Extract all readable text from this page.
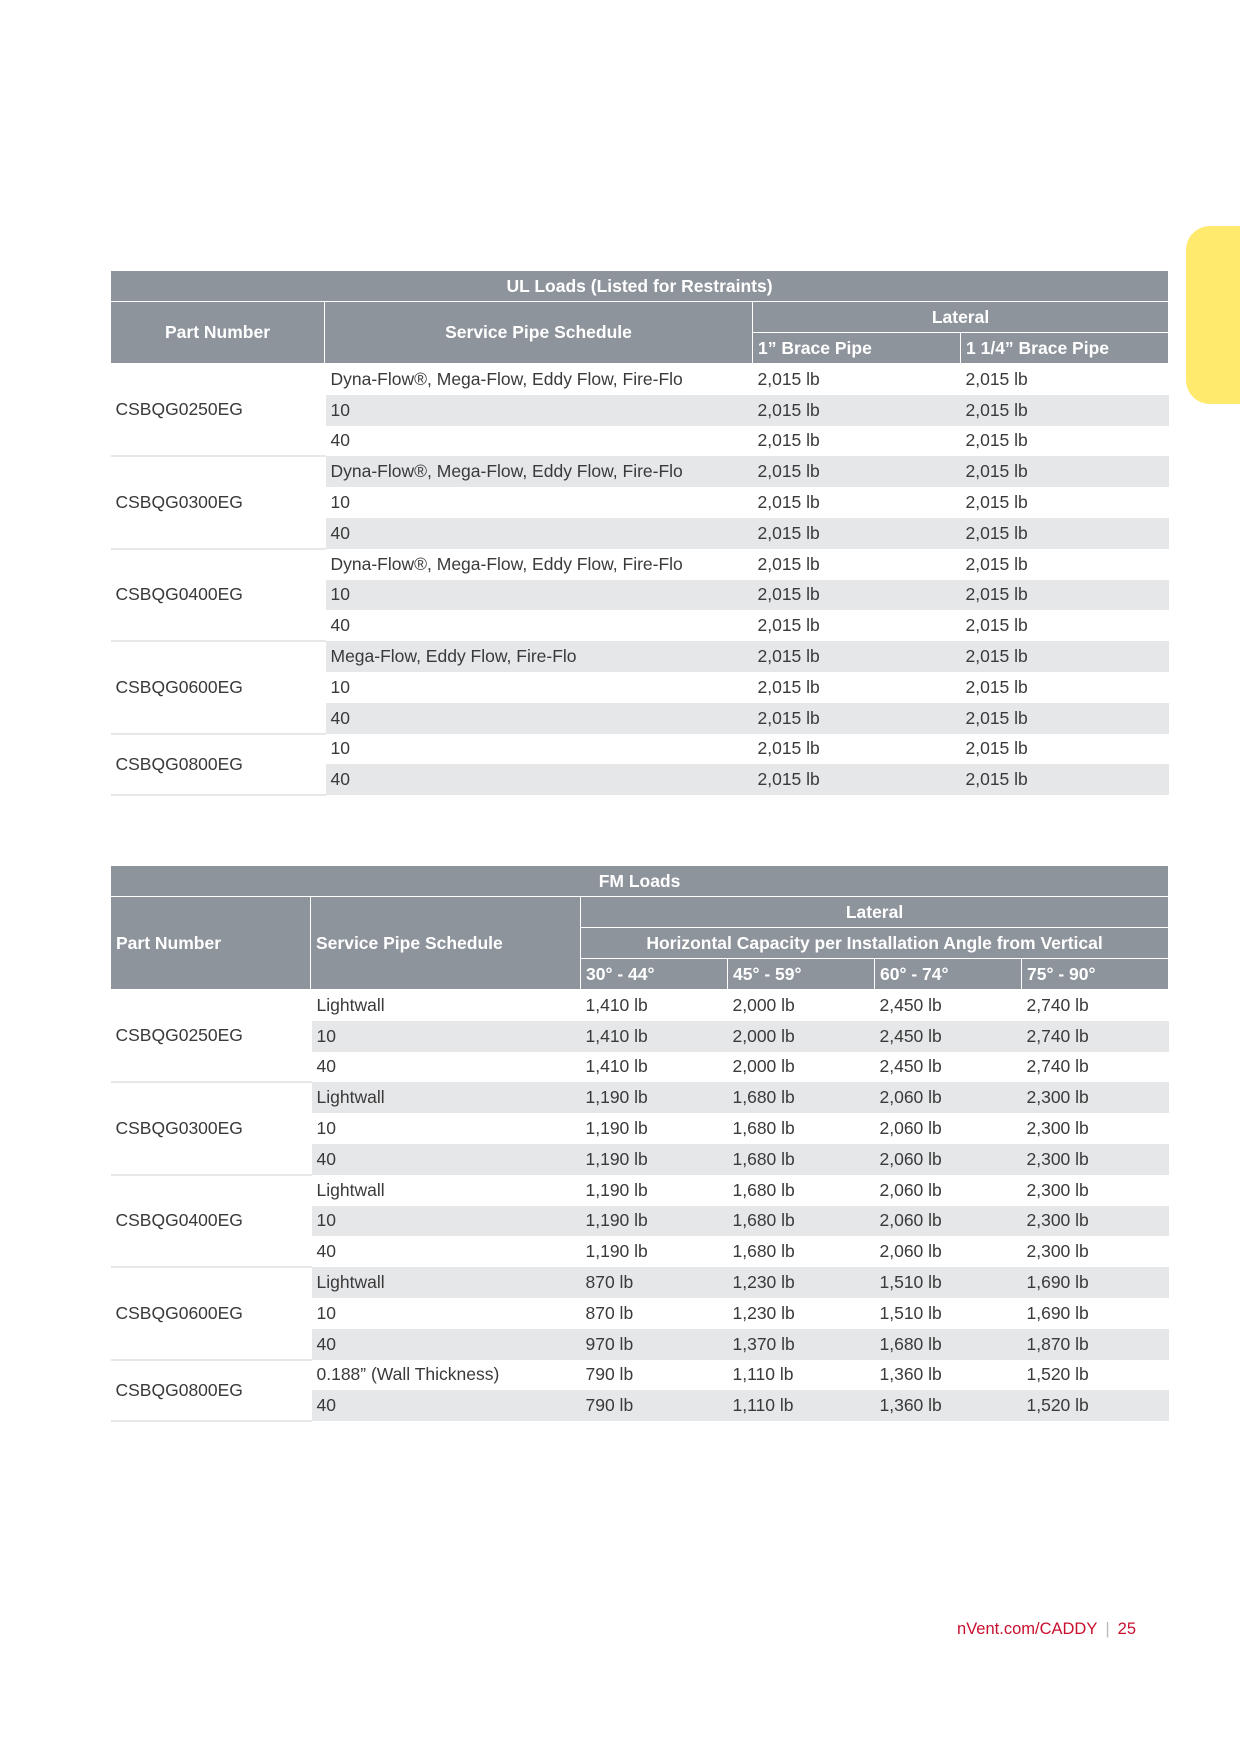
UL Loads (Listed for Restraints)			
Part Number	Service Pipe Schedule	Lateral	
		1” Brace Pipe	1 1/4” Brace Pipe
CSBQG0250EG	Dyna-Flow®, Mega-Flow, Eddy Flow, Fire-Flo	2,015 lb	2,015 lb
	10	2,015 lb	2,015 lb
	40	2,015 lb	2,015 lb
CSBQG0300EG	Dyna-Flow®, Mega-Flow, Eddy Flow, Fire-Flo	2,015 lb	2,015 lb
	10	2,015 lb	2,015 lb
	40	2,015 lb	2,015 lb
CSBQG0400EG	Dyna-Flow®, Mega-Flow, Eddy Flow, Fire-Flo	2,015 lb	2,015 lb
	10	2,015 lb	2,015 lb
	40	2,015 lb	2,015 lb
CSBQG0600EG	Mega-Flow, Eddy Flow, Fire-Flo	2,015 lb	2,015 lb
	10	2,015 lb	2,015 lb
	40	2,015 lb	2,015 lb
CSBQG0800EG	10	2,015 lb	2,015 lb
	40	2,015 lb	2,015 lb
FM Loads					
Part Number	Service Pipe Schedule	Lateral			
		Horizontal Capacity per Installation Angle from Vertical			
		30° - 44°	45° - 59°	60° - 74°	75° - 90°
CSBQG0250EG	Lightwall	1,410 lb	2,000 lb	2,450 lb	2,740 lb
	10	1,410 lb	2,000 lb	2,450 lb	2,740 lb
	40	1,410 lb	2,000 lb	2,450 lb	2,740 lb
CSBQG0300EG	Lightwall	1,190 lb	1,680 lb	2,060 lb	2,300 lb
	10	1,190 lb	1,680 lb	2,060 lb	2,300 lb
	40	1,190 lb	1,680 lb	2,060 lb	2,300 lb
CSBQG0400EG	Lightwall	1,190 lb	1,680 lb	2,060 lb	2,300 lb
	10	1,190 lb	1,680 lb	2,060 lb	2,300 lb
	40	1,190 lb	1,680 lb	2,060 lb	2,300 lb
CSBQG0600EG	Lightwall	870 lb	1,230 lb	1,510 lb	1,690 lb
	10	870 lb	1,230 lb	1,510 lb	1,690 lb
	40	970 lb	1,370 lb	1,680 lb	1,870 lb
CSBQG0800EG	0.188” (Wall Thickness)	790 lb	1,110 lb	1,360 lb	1,520 lb
	40	790 lb	1,110 lb	1,360 lb	1,520 lb
nVent.com/CADDY | 25
